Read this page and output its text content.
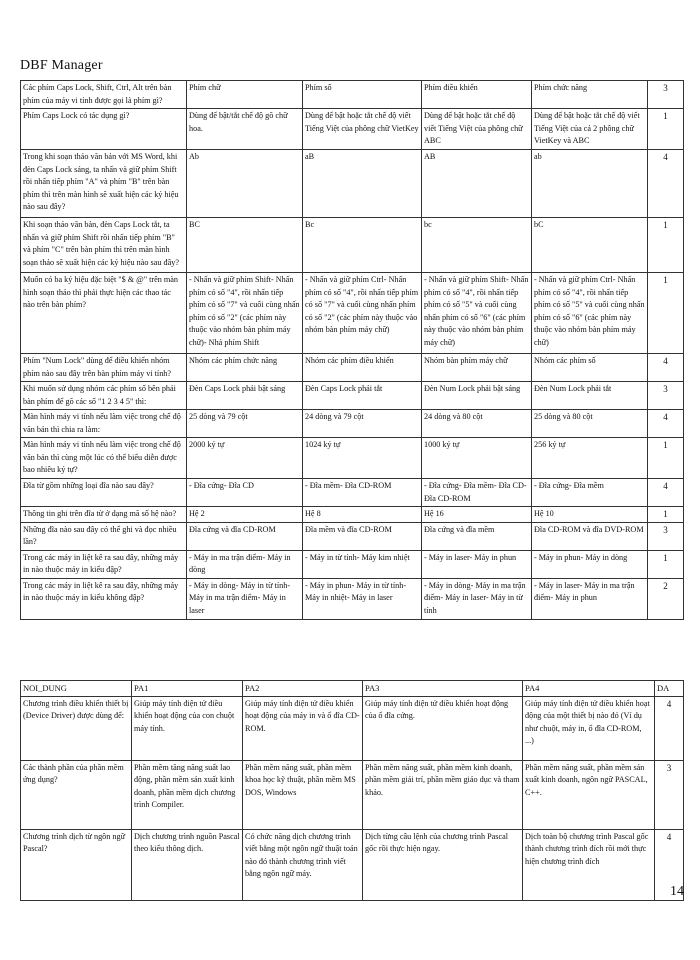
DBF Manager
Các phím Caps Lock, Shift, Ctrl, Alt trên bàn phím của máy vi tính được gọi là phím gì?	Phím chữ	Phím số	Phím điều khiển	Phím chức năng	3
Phím Caps Lock có tác dụng gì?	Dùng để bật/tắt chế độ gõ chữ hoa.	Dùng để bật hoặc tắt chế độ viết Tiếng Việt của phông chữ VietKey	Dùng để bật hoặc tắt chế độ viết Tiếng Việt của phông chữ ABC	Dùng để bật hoặc tắt chế độ viết Tiếng Việt của cả 2 phông chữ VietKey và ABC	1
Trong khi soạn thảo văn bản với MS Word, khi đèn Caps Lock sáng, ta nhấn và giữ phím Shift rồi nhấn tiếp phím "A" và phím "B" trên bàn phím thì trên màn hình sẽ xuất hiện các ký hiệu nào sau đây?	Ab	aB	AB	ab	4
Khi soạn thảo văn bản, đèn Caps Lock tắt, ta nhấn và giữ phím Shift rồi nhấn tiếp phím "B" và phím "C" trên bàn phím thì trên màn hình soạn thảo sẽ xuất hiện các ký hiệu nào sau đây?	BC	Bc	bc	bC	1
Muốn có ba ký hiệu đặc biệt "$ & @" trên màn hình soạn thảo thì phải thực hiện các thao tác nào trên bàn phím?	- Nhấn và giữ phím Shift- Nhấn phím có số "4", rồi nhấn tiếp phím có số "7" và cuối cùng nhấn phím có số "2" (các phím này thuộc vào nhóm bàn phím máy chữ)- Nhả phím Shift	- Nhấn và giữ phím Ctrl- Nhấn phím có số "4", rồi nhấn tiếp phím có số "7" và cuối cùng nhấn phím có số "2" (các phím này thuộc vào nhóm bàn phím máy chữ)	- Nhấn và giữ phím Shift- Nhấn phím có số "4", rồi nhấn tiếp phím có số "5" và cuối cùng nhấn phím có số "6" (các phím này thuộc vào nhóm bàn phím máy chữ)	- Nhấn và giữ phím Ctrl- Nhấn phím có số "4", rồi nhấn tiếp phím có số "5" và cuối cùng nhấn phím có số "6" (các phím này thuộc vào nhóm bàn phím máy chữ)	1
Phím "Num Lock" dùng để điều khiển nhóm phím nào sau đây trên bàn phím máy vi tính?	Nhóm các phím chức năng	Nhóm các phím điều khiển	Nhóm bàn phím máy chữ	Nhóm các phím số	4
Khi muốn sử dụng nhóm các phím số bên phải bàn phím để gõ các số "1 2 3 4 5" thì:	Đèn Caps Lock phải bật sáng	Đèn Caps Lock phải tắt	Đèn Num Lock phải bật sáng	Đèn Num Lock phải tắt	3
Màn hình máy vi tính nếu làm việc trong chế độ văn bản thì chia ra làm:	25 dòng và 79 cột	24 dòng và 79 cột	24 dòng và 80 cột	25 dòng và 80 cột	4
Màn hình máy vi tính nếu làm việc trong chế độ văn bản thì cùng một lúc có thể biểu diễn được bao nhiêu ký tự?	2000 ký tự	1024 ký tự	1000 ký tự	256 ký tự	1
Đĩa từ gồm những loại đĩa nào sau đây?	- Đĩa cứng- Đĩa CD	- Đĩa mềm- Đĩa CD-ROM	- Đĩa cứng- Đĩa mềm- Đĩa CD- Đĩa CD-ROM	- Đĩa cứng- Đĩa mềm	4
Thông tin ghi trên đĩa từ ở dạng mã số hệ nào?	Hệ 2	Hệ 8	Hệ 16	Hệ 10	1
Những đĩa nào sau đây có thể ghi và đọc nhiều lần?	Đĩa cứng và đĩa CD-ROM	Đĩa mềm và đĩa CD-ROM	Đĩa cứng và đĩa mềm	Đĩa CD-ROM và đĩa DVD-ROM	3
Trong các máy in liệt kê ra sau đây, những máy in nào thuộc máy in kiểu đập?	- Máy in ma trận điểm- Máy in dòng	- Máy in từ tính- Máy kim nhiệt	- Máy in laser- Máy in phun	- Máy in phun- Máy in dòng	1
Trong các máy in liệt kê ra sau đây, những máy in nào thuộc máy in kiểu không đập?	- Máy in dòng- Máy in từ tính- Máy in ma trận điểm- Máy in laser	- Máy in phun- Máy in từ tính- Máy in nhiệt- Máy in laser	- Máy in dòng- Máy in ma trận điểm- Máy in laser- Máy in từ tính	- Máy in laser- Máy in ma trận điểm- Máy in phun	2
NOI_DUNG	PA1	PA2	PA3	PA4	DA
Chương trình điều khiển thiết bị (Device Driver) được dùng để:	Giúp máy tính điện tử điều khiển hoạt động của con chuột máy tính.	Giúp máy tính điện tử điều khiển hoạt động của máy in và ổ đĩa CD-ROM.	Giúp máy tính điện tử điều khiển hoạt động của ổ đĩa cứng.	Giúp máy tính điện tử điều khiển hoạt động của một thiết bị nào đó (Ví dụ như chuột, máy in, ổ đĩa CD-ROM, ...)	4
Các thành phần của phần mềm ứng dụng?	Phần mềm tăng năng suất lao động, phần mềm sản xuất kinh doanh, phần mềm dịch chương trình Compiler.	Phần mềm năng suất, phần mềm khoa học kỹ thuật, phần mềm MS DOS, Windows	Phần mềm năng suất, phần mềm kinh doanh, phần mềm giải trí, phần mềm giáo dục và tham khảo.	Phần mềm năng suất, phần mềm sản xuất kinh doanh, ngôn ngữ PASCAL, C++.	3
Chương trình dịch từ ngôn ngữ Pascal?	Dịch chương trình nguồn Pascal theo kiểu thông dịch.	Có chức năng dịch chương trình viết bằng một ngôn ngữ thuật toán nào đó thành chương trình viết bằng ngôn ngữ máy.	Dịch từng câu lệnh của chương trình Pascal gốc rồi thực hiện ngay.	Dịch toàn bộ chương trình Pascal gốc thành chương trình đích rồi mới thực hiện chương trình đích	4
14
